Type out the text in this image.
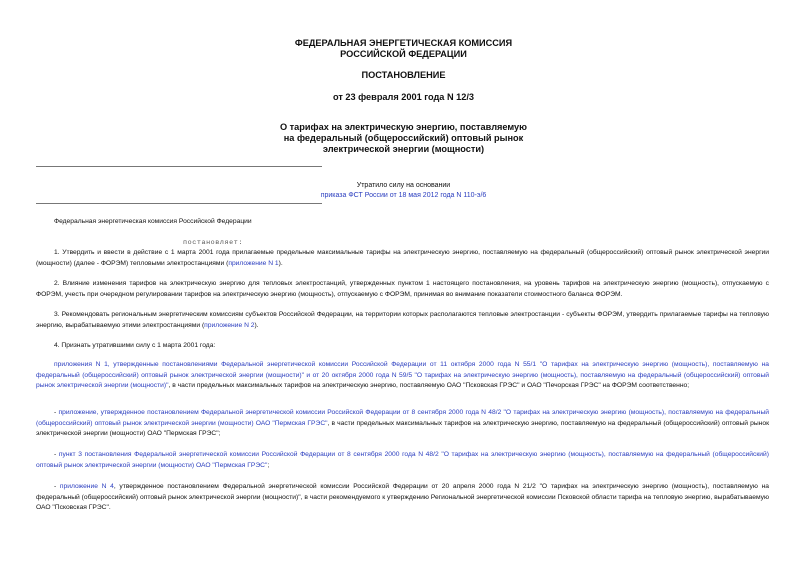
ФЕДЕРАЛЬНАЯ ЭНЕРГЕТИЧЕСКАЯ КОМИССИЯ
РОССИЙСКОЙ ФЕДЕРАЦИИ
ПОСТАНОВЛЕНИЕ
от 23 февраля 2001 года N 12/3
О тарифах на электрическую энергию, поставляемую
на федеральный (общероссийский) оптовый рынок
электрической энергии (мощности)
Утратило силу на основании
приказа ФСТ России от 18 мая 2012 года N 110-э/6
Федеральная энергетическая комиссия Российской Федерации
постановляет:
1. Утвердить и ввести в действие с 1 марта 2001 года прилагаемые предельные максимальные тарифы на электрическую энергию, поставляемую на федеральный (общероссийский) оптовый рынок электрической энергии (мощности) (далее - ФОРЭМ) тепловыми электростанциями (приложение N 1).
2. Влияние изменения тарифов на электрическую энергию для тепловых электростанций, утвержденных пунктом 1 настоящего постановления, на уровень тарифов на электрическую энергию (мощность), отпускаемую с ФОРЭМ, учесть при очередном регулировании тарифов на электрическую энергию (мощность), отпускаемую с ФОРЭМ, принимая во внимание показатели стоимостного баланса ФОРЭМ.
3. Рекомендовать региональным энергетическим комиссиям субъектов Российской Федерации, на территории которых располагаются тепловые электростанции - субъекты ФОРЭМ, утвердить прилагаемые тарифы на тепловую энергию, вырабатываемую этими электростанциями (приложение N 2).
4. Признать утратившими силу с 1 марта 2001 года:
приложения N 1, утвержденные постановлениями Федеральной энергетической комиссии Российской Федерации от 11 октября 2000 года N 55/1 "О тарифах на электрическую энергию (мощность), поставляемую на федеральный (общероссийский) оптовый рынок электрической энергии (мощности)" и от 20 октября 2000 года N 59/5 "О тарифах на электрическую энергию (мощность), поставляемую на федеральный (общероссийский) оптовый рынок электрической энергии (мощности)", в части предельных максимальных тарифов на электрическую энергию, поставляемую ОАО "Псковская ГРЭС" и ОАО "Печорская ГРЭС" на ФОРЭМ соответственно;
- приложение, утвержденное постановлением Федеральной энергетической комиссии Российской Федерации от 8 сентября 2000 года N 48/2 "О тарифах на электрическую энергию (мощность), поставляемую на федеральный (общероссийский) оптовый рынок электрической энергии (мощности) ОАО "Пермская ГРЭС", в части предельных максимальных тарифов на электрическую энергию, поставляемую на федеральный (общероссийский) оптовый рынок электрической энергии (мощности) ОАО "Пермская ГРЭС";
- пункт 3 постановления Федеральной энергетической комиссии Российской Федерации от 8 сентября 2000 года N 48/2 "О тарифах на электрическую энергию (мощность), поставляемую на федеральный (общероссийский) оптовый рынок электрической энергии (мощности) ОАО "Пермская ГРЭС";
- приложение N 4, утвержденное постановлением Федеральной энергетической комиссии Российской Федерации от 20 апреля 2000 года N 21/2 "О тарифах на электрическую энергию (мощность), поставляемую на федеральный (общероссийский) оптовый рынок электрической энергии (мощности)", в части рекомендуемого к утверждению Региональной энергетической комиссии Псковской области тарифа на тепловую энергию, вырабатываемую ОАО "Псковская ГРЭС".
